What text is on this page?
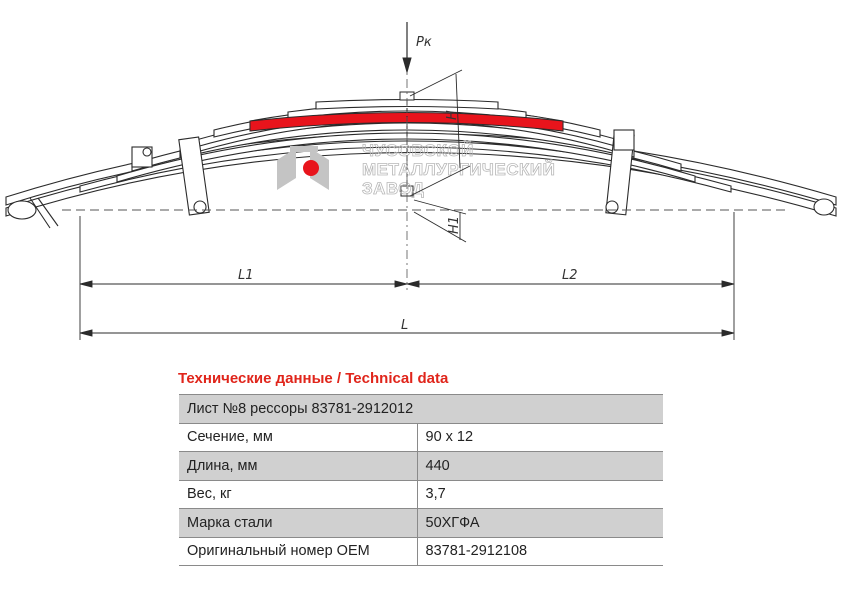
ЧУСОВСКОЙ
МЕТАЛЛУРГИЧЕСКИЙ
ЗАВОД
Рк
H
H1
L1	L2
L
Технические данные / Technical data
Лист №8 рессоры 83781-2912012	
Сечение, мм	90 x 12
Длина, мм	440
Вес, кг	3,7
Марка стали	50ХГФА
Оригинальный номер OEM	83781-2912108
